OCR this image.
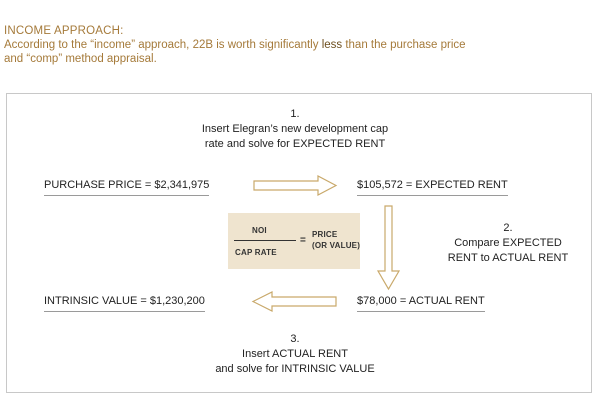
INCOME APPROACH:
According to the “income” approach, 22B is worth significantly less than the purchase price
and “comp” method appraisal.
1.
Insert Elegran’s new development cap
rate and solve for EXPECTED RENT
2.
Compare EXPECTED
RENT to ACTUAL RENT
3.
Insert ACTUAL RENT
and solve for INTRINSIC VALUE
PURCHASE PRICE = $2,341,975	$105,572 = EXPECTED RENT
$78,000 = ACTUAL RENT
INTRINSIC VALUE = $1,230,200
NOI
CAP RATE
=
PRICE
(OR VALUE)
